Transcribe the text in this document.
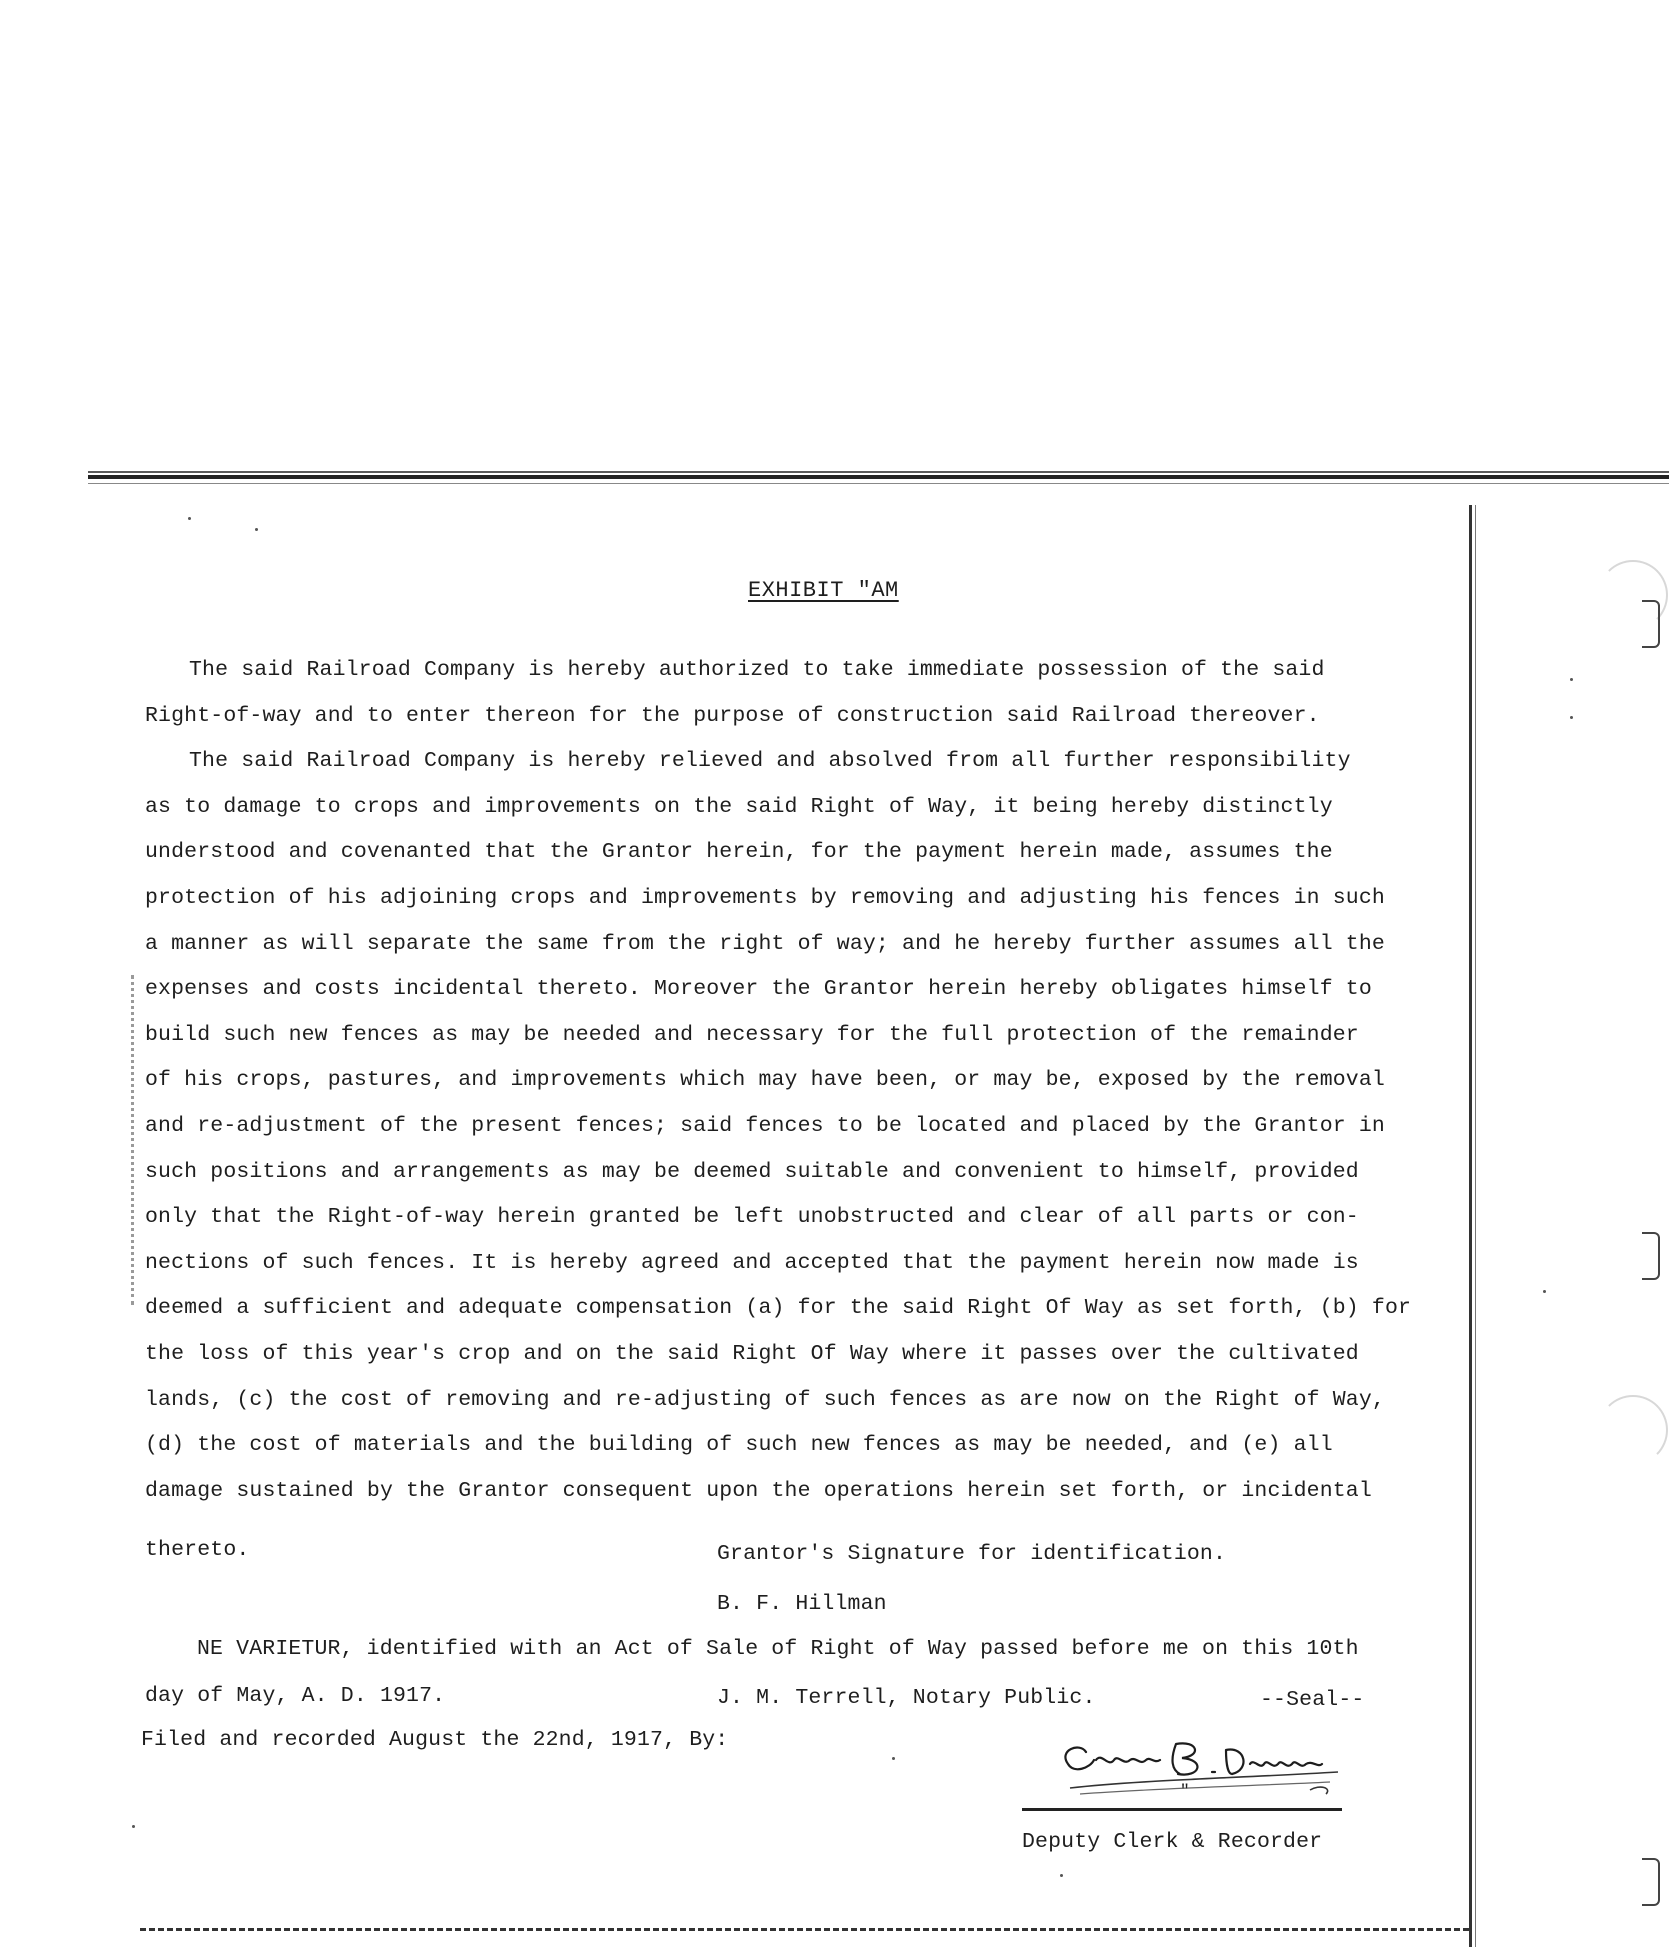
EXHIBIT "AM
The said Railroad Company is hereby authorized to take immediate possession of the said
Right-of-way and to enter thereon for the purpose of construction said Railroad thereover.
The said Railroad Company is hereby relieved and absolved from all further responsibility
as to damage to crops and improvements on the said Right of Way, it being hereby distinctly
understood and covenanted that the Grantor herein, for the payment herein made, assumes the
protection of his adjoining crops and improvements by removing and adjusting his fences in such
a manner as will separate the same from the right of way; and he hereby further assumes all the
expenses and costs incidental thereto. Moreover the Grantor herein hereby obligates himself to
build such new fences as may be needed and necessary for the full protection of the remainder
of his crops, pastures, and improvements which may have been, or may be, exposed by the removal
and re-adjustment of the present fences; said fences to be located and placed by the Grantor in
such positions and arrangements as may be deemed suitable and convenient to himself, provided
only that the Right-of-way herein granted be left unobstructed and clear of all parts or con-
nections of such fences. It is hereby agreed and accepted that the payment herein now made is
deemed a sufficient and adequate compensation (a) for the said Right Of Way as set forth, (b) for
the loss of this year's crop and on the said Right Of Way where it passes over the cultivated
lands, (c) the cost of removing and re-adjusting of such fences as are now on the Right of Way,
(d) the cost of materials and the building of such new fences as may be needed, and (e) all
damage sustained by the Grantor consequent upon the operations herein set forth, or incidental
thereto.	Grantor's Signature for identification.
B. F. Hillman
NE VARIETUR, identified with an Act of Sale of Right of Way passed before me on this 10th
day of May, A. D. 1917.	J. M. Terrell, Notary Public.	--Seal--
Filed and recorded August the 22nd, 1917, By:
"
Deputy Clerk & Recorder
